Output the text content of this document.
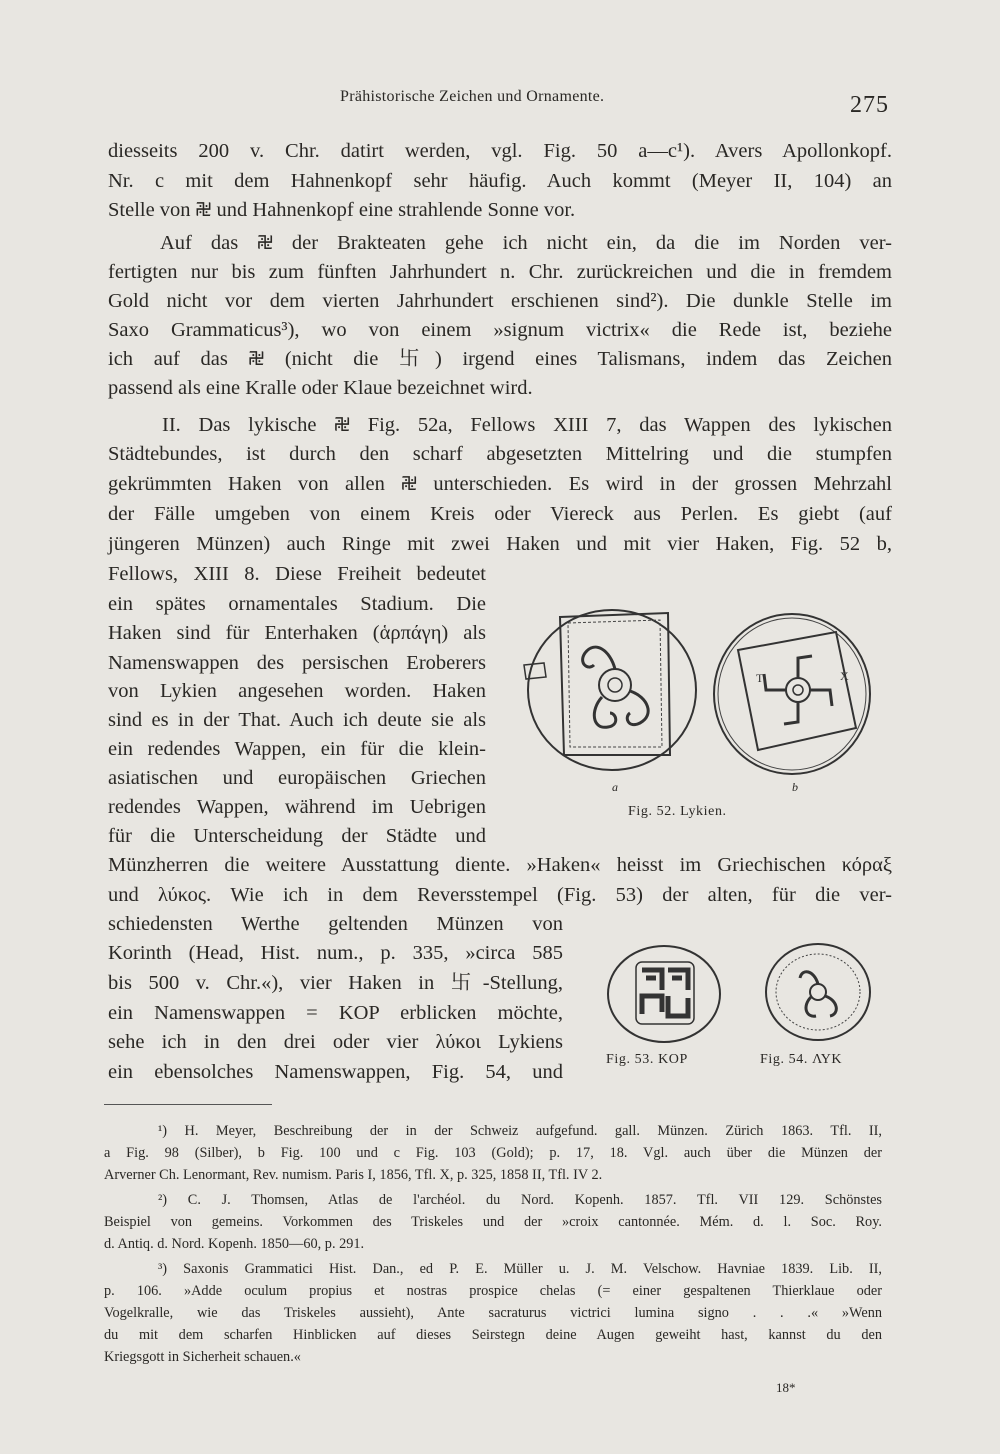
Prähistorische Zeichen und Ornamente.	275
diesseits 200 v. Chr. datirt werden, vgl. Fig. 50 a—c¹). Avers Apollonkopf.
Nr. c mit dem Hahnenkopf sehr häufig. Auch kommt (Meyer II, 104) an
Stelle von ࿘ und Hahnenkopf eine strahlende Sonne vor.
Auf das ࿘ der Brakteaten gehe ich nicht ein, da die im Norden ver-
fertigten nur bis zum fünften Jahrhundert n. Chr. zurückreichen und die in fremdem
Gold nicht vor dem vierten Jahrhundert erschienen sind²). Die dunkle Stelle im
Saxo Grammaticus³), wo von einem »signum victrix« die Rede ist, beziehe
ich auf das ࿘ (nicht die 卐) irgend eines Talismans, indem das Zeichen
passend als eine Kralle oder Klaue bezeichnet wird.
II. Das lykische ࿘ Fig. 52a, Fellows XIII 7, das Wappen des lykischen
Städtebundes, ist durch den scharf abgesetzten Mittelring und die stumpfen
gekrümmten Haken von allen ࿘ unterschieden. Es wird in der grossen Mehrzahl
der Fälle umgeben von einem Kreis oder Viereck aus Perlen. Es giebt (auf
jüngeren Münzen) auch Ringe mit zwei Haken und mit vier Haken, Fig. 52 b,
Fellows, XIII 8. Diese Freiheit bedeutet
ein spätes ornamentales Stadium. Die
Haken sind für Enterhaken (ἁρπάγη) als
Namenswappen des persischen Eroberers
von Lykien angesehen worden. Haken
sind es in der That. Auch ich deute sie als
ein redendes Wappen, ein für die klein-
asiatischen und europäischen Griechen
redendes Wappen, während im Uebrigen
für die Unterscheidung der Städte und
Münzherren die weitere Ausstattung diente. »Haken« heisst im Griechischen κόραξ
und λύκος. Wie ich in dem Reversstempel (Fig. 53) der alten, für die ver-
schiedensten Werthe geltenden Münzen von
Korinth (Head, Hist. num., p. 335, »circa 585
bis 500 v. Chr.«), vier Haken in 卐-Stellung,
ein Namenswappen = KOP erblicken möchte,
sehe ich in den drei oder vier λύκοι Lykiens
ein ebensolches Namenswappen, Fig. 54, und
a
T	X
b
Fig. 52. Lykien.
Fig. 53. KOP	Fig. 54. ΛΥΚ
¹) H. Meyer, Beschreibung der in der Schweiz aufgefund. gall. Münzen. Zürich 1863. Tfl. II,
a Fig. 98 (Silber), b Fig. 100 und c Fig. 103 (Gold); p. 17, 18. Vgl. auch über die Münzen der
Arverner Ch. Lenormant, Rev. numism. Paris I, 1856, Tfl. X, p. 325, 1858 II, Tfl. IV 2.
²) C. J. Thomsen, Atlas de l'archéol. du Nord. Kopenh. 1857. Tfl. VII 129. Schönstes
Beispiel von gemeins. Vorkommen des Triskeles und der »croix cantonnée. Mém. d. l. Soc. Roy.
d. Antiq. d. Nord. Kopenh. 1850—60, p. 291.
³) Saxonis Grammatici Hist. Dan., ed P. E. Müller u. J. M. Velschow. Havniae 1839. Lib. II,
p. 106. »Adde oculum propius et nostras prospice chelas (= einer gespaltenen Thierklaue oder
Vogelkralle, wie das Triskeles aussieht), Ante sacraturus victrici lumina signo . . .« »Wenn
du mit dem scharfen Hinblicken auf dieses Seirstegn deine Augen geweiht hast, kannst du den
Kriegsgott in Sicherheit schauen.«
18*
